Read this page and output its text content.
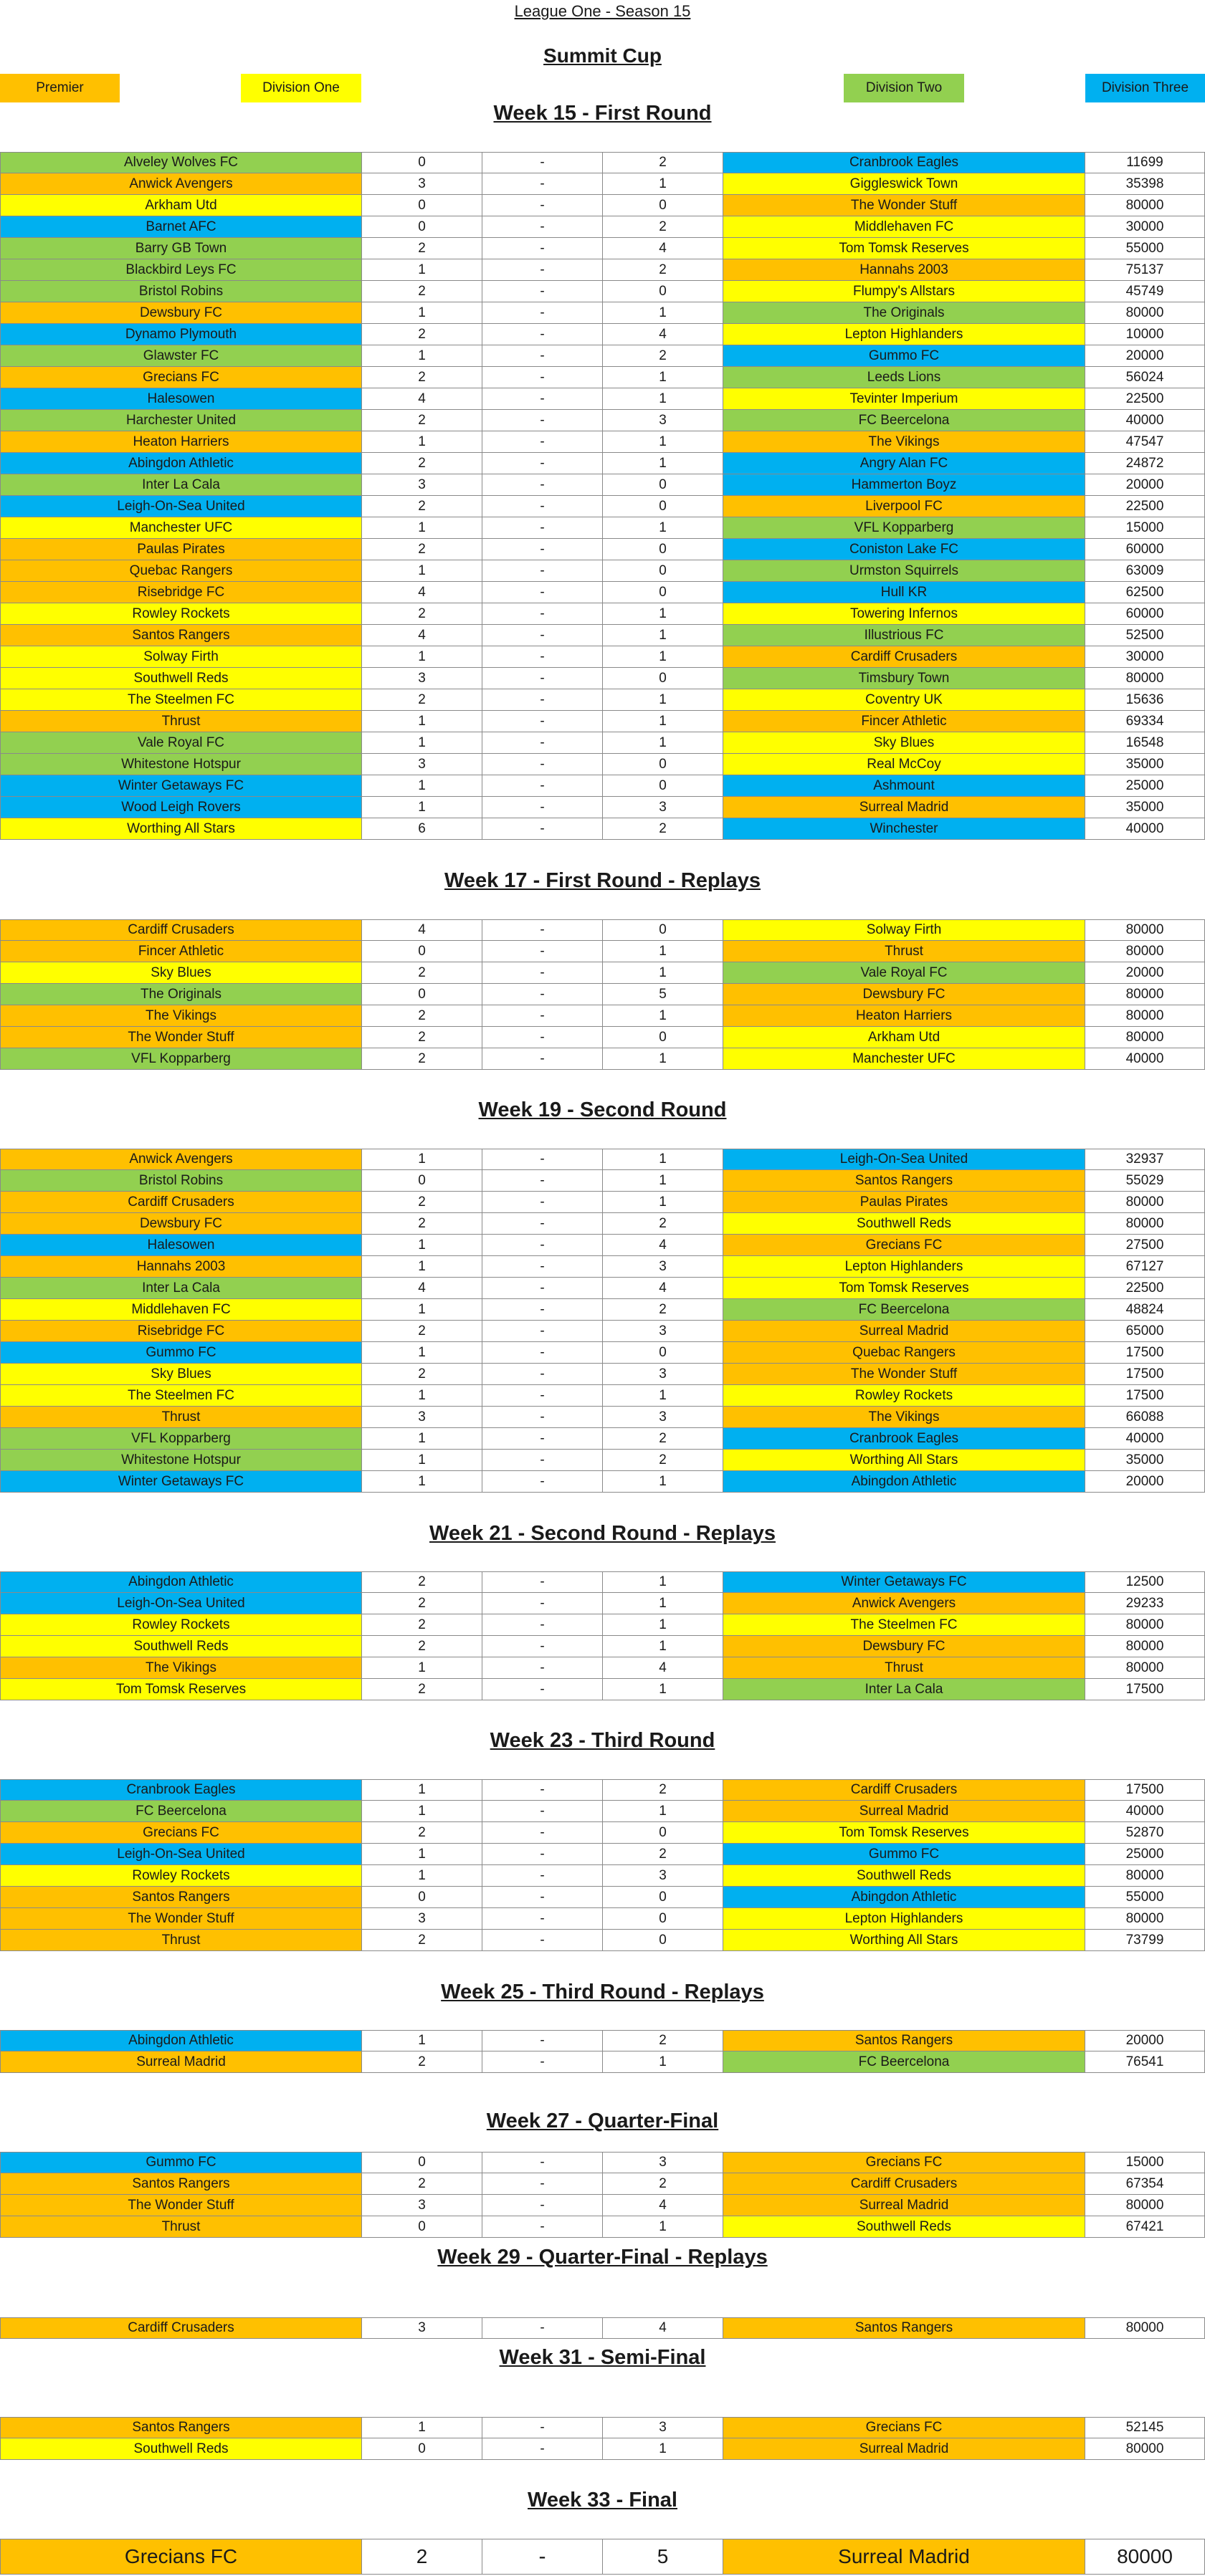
League One - Season 15
Summit Cup
Premier	Division One	Division Two	Division Three
Week 15 - First Round
Alveley Wolves FC	0	-	2	Cranbrook Eagles	11699
Anwick Avengers	3	-	1	Giggleswick Town	35398
Arkham Utd	0	-	0	The Wonder Stuff	80000
Barnet AFC	0	-	2	Middlehaven FC	30000
Barry GB Town	2	-	4	Tom Tomsk Reserves	55000
Blackbird Leys FC	1	-	2	Hannahs 2003	75137
Bristol Robins	2	-	0	Flumpy's Allstars	45749
Dewsbury FC	1	-	1	The Originals	80000
Dynamo Plymouth	2	-	4	Lepton Highlanders	10000
Glawster FC	1	-	2	Gummo FC	20000
Grecians FC	2	-	1	Leeds Lions	56024
Halesowen	4	-	1	Tevinter Imperium	22500
Harchester United	2	-	3	FC Beercelona	40000
Heaton Harriers	1	-	1	The Vikings	47547
Abingdon Athletic	2	-	1	Angry Alan FC	24872
Inter La Cala	3	-	0	Hammerton Boyz	20000
Leigh-On-Sea United	2	-	0	Liverpool FC	22500
Manchester UFC	1	-	1	VFL Kopparberg	15000
Paulas Pirates	2	-	0	Coniston Lake FC	60000
Quebac Rangers	1	-	0	Urmston Squirrels	63009
Risebridge FC	4	-	0	Hull KR	62500
Rowley Rockets	2	-	1	Towering Infernos	60000
Santos Rangers	4	-	1	Illustrious FC	52500
Solway Firth	1	-	1	Cardiff Crusaders	30000
Southwell Reds	3	-	0	Timsbury Town	80000
The Steelmen FC	2	-	1	Coventry UK	15636
Thrust	1	-	1	Fincer Athletic	69334
Vale Royal FC	1	-	1	Sky Blues	16548
Whitestone Hotspur	3	-	0	Real McCoy	35000
Winter Getaways FC	1	-	0	Ashmount	25000
Wood Leigh Rovers	1	-	3	Surreal Madrid	35000
Worthing All Stars	6	-	2	Winchester	40000
Week 17 - First Round - Replays
Cardiff Crusaders	4	-	0	Solway Firth	80000
Fincer Athletic	0	-	1	Thrust	80000
Sky Blues	2	-	1	Vale Royal FC	20000
The Originals	0	-	5	Dewsbury FC	80000
The Vikings	2	-	1	Heaton Harriers	80000
The Wonder Stuff	2	-	0	Arkham Utd	80000
VFL Kopparberg	2	-	1	Manchester UFC	40000
Week 19 - Second Round
Anwick Avengers	1	-	1	Leigh-On-Sea United	32937
Bristol Robins	0	-	1	Santos Rangers	55029
Cardiff Crusaders	2	-	1	Paulas Pirates	80000
Dewsbury FC	2	-	2	Southwell Reds	80000
Halesowen	1	-	4	Grecians FC	27500
Hannahs 2003	1	-	3	Lepton Highlanders	67127
Inter La Cala	4	-	4	Tom Tomsk Reserves	22500
Middlehaven FC	1	-	2	FC Beercelona	48824
Risebridge FC	2	-	3	Surreal Madrid	65000
Gummo FC	1	-	0	Quebac Rangers	17500
Sky Blues	2	-	3	The Wonder Stuff	17500
The Steelmen FC	1	-	1	Rowley Rockets	17500
Thrust	3	-	3	The Vikings	66088
VFL Kopparberg	1	-	2	Cranbrook Eagles	40000
Whitestone Hotspur	1	-	2	Worthing All Stars	35000
Winter Getaways FC	1	-	1	Abingdon Athletic	20000
Week 21 - Second Round - Replays
Abingdon Athletic	2	-	1	Winter Getaways FC	12500
Leigh-On-Sea United	2	-	1	Anwick Avengers	29233
Rowley Rockets	2	-	1	The Steelmen FC	80000
Southwell Reds	2	-	1	Dewsbury FC	80000
The Vikings	1	-	4	Thrust	80000
Tom Tomsk Reserves	2	-	1	Inter La Cala	17500
Week 23 - Third Round
Cranbrook Eagles	1	-	2	Cardiff Crusaders	17500
FC Beercelona	1	-	1	Surreal Madrid	40000
Grecians FC	2	-	0	Tom Tomsk Reserves	52870
Leigh-On-Sea United	1	-	2	Gummo FC	25000
Rowley Rockets	1	-	3	Southwell Reds	80000
Santos Rangers	0	-	0	Abingdon Athletic	55000
The Wonder Stuff	3	-	0	Lepton Highlanders	80000
Thrust	2	-	0	Worthing All Stars	73799
Week 25 - Third Round - Replays
Abingdon Athletic	1	-	2	Santos Rangers	20000
Surreal Madrid	2	-	1	FC Beercelona	76541
Week 27 - Quarter-Final
Gummo FC	0	-	3	Grecians FC	15000
Santos Rangers	2	-	2	Cardiff Crusaders	67354
The Wonder Stuff	3	-	4	Surreal Madrid	80000
Thrust	0	-	1	Southwell Reds	67421
Week 29 - Quarter-Final - Replays
Cardiff Crusaders	3	-	4	Santos Rangers	80000
Week 31 - Semi-Final
Santos Rangers	1	-	3	Grecians FC	52145
Southwell Reds	0	-	1	Surreal Madrid	80000
Week 33 - Final
Grecians FC	2	-	5	Surreal Madrid	80000
